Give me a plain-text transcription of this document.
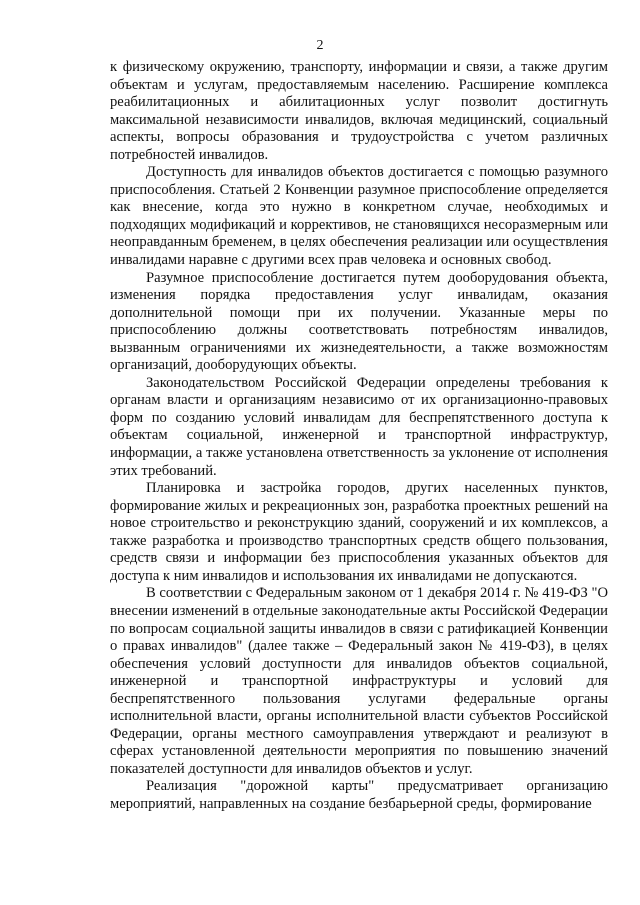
2

к физическому окружению, транспорту, информации и связи, а также другим объектам и услугам, предоставляемым населению. Расширение комплекса реабилитационных и абилитационных услуг позволит достигнуть максимальной независимости инвалидов, включая медицинский, социальный аспекты, вопросы образования и трудоустройства с учетом различных потребностей инвалидов.

Доступность для инвалидов объектов достигается с помощью разумного приспособления. Статьей 2 Конвенции разумное приспособление определяется как внесение, когда это нужно в конкретном случае, необходимых и подходящих модификаций и коррективов, не становящихся несоразмерным или неоправданным бременем, в целях обеспечения реализации или осуществления инвалидами наравне с другими всех прав человека и основных свобод.

Разумное приспособление достигается путем дооборудования объекта, изменения порядка предоставления услуг инвалидам, оказания дополнительной помощи при их получении. Указанные меры по приспособлению должны соответствовать потребностям инвалидов, вызванным ограничениями их жизнедеятельности, а также возможностям организаций, дооборудующих объекты.

Законодательством Российской Федерации определены требования к органам власти и организациям независимо от их организационно-правовых форм по созданию условий инвалидам для беспрепятственного доступа к объектам социальной, инженерной и транспортной инфраструктур, информации, а также установлена ответственность за уклонение от исполнения этих требований.

Планировка и застройка городов, других населенных пунктов, формирование жилых и рекреационных зон, разработка проектных решений на новое строительство и реконструкцию зданий, сооружений и их комплексов, а также разработка и производство транспортных средств общего пользования, средств связи и информации без приспособления указанных объектов для доступа к ним инвалидов и использования их инвалидами не допускаются.

В соответствии с Федеральным законом от 1 декабря 2014 г. № 419-ФЗ "О внесении изменений в отдельные законодательные акты Российской Федерации по вопросам социальной защиты инвалидов в связи с ратификацией Конвенции о правах инвалидов" (далее также – Федеральный закон № 419-ФЗ), в целях обеспечения условий доступности для инвалидов объектов социальной, инженерной и транспортной инфраструктуры и условий для беспрепятственного пользования услугами федеральные органы исполнительной власти, органы исполнительной власти субъектов Российской Федерации, органы местного самоуправления утверждают и реализуют в сферах установленной деятельности мероприятия по повышению значений показателей доступности для инвалидов объектов и услуг.

Реализация "дорожной карты" предусматривает организацию мероприятий, направленных на создание безбарьерной среды, формирование
